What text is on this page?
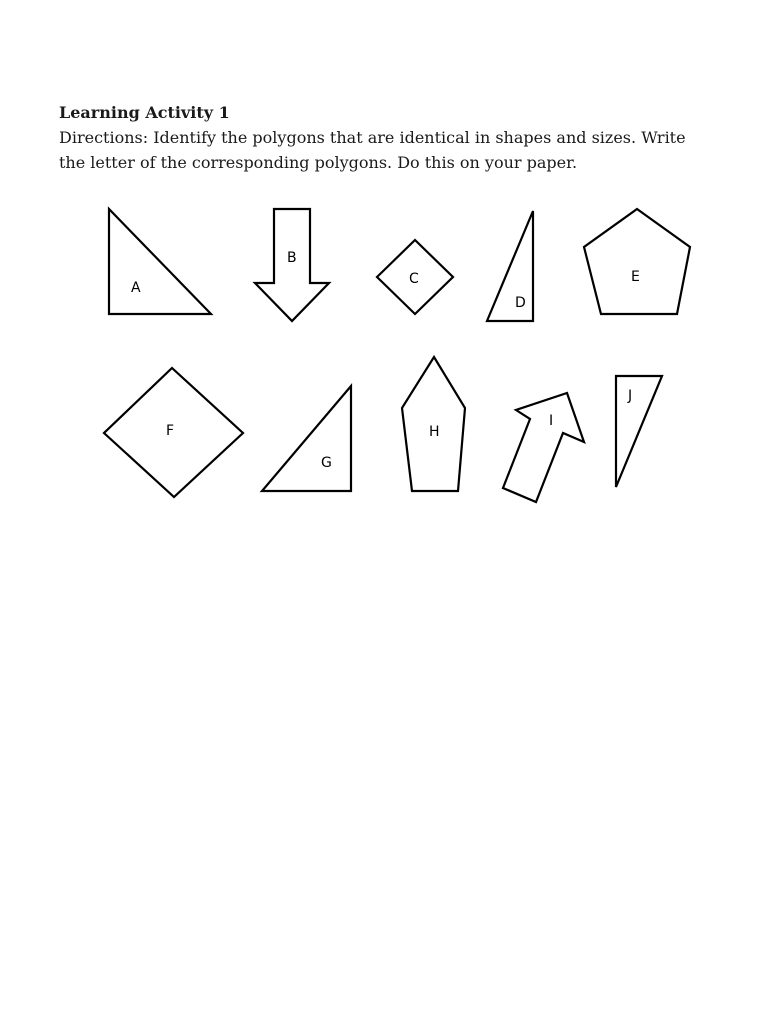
Learning Activity 1

Directions: Identify the polygons that are identical in shapes and sizes. Write the letter of the corresponding polygons. Do this on your paper.

A
B
C
D
E
F
G
H
I
J
